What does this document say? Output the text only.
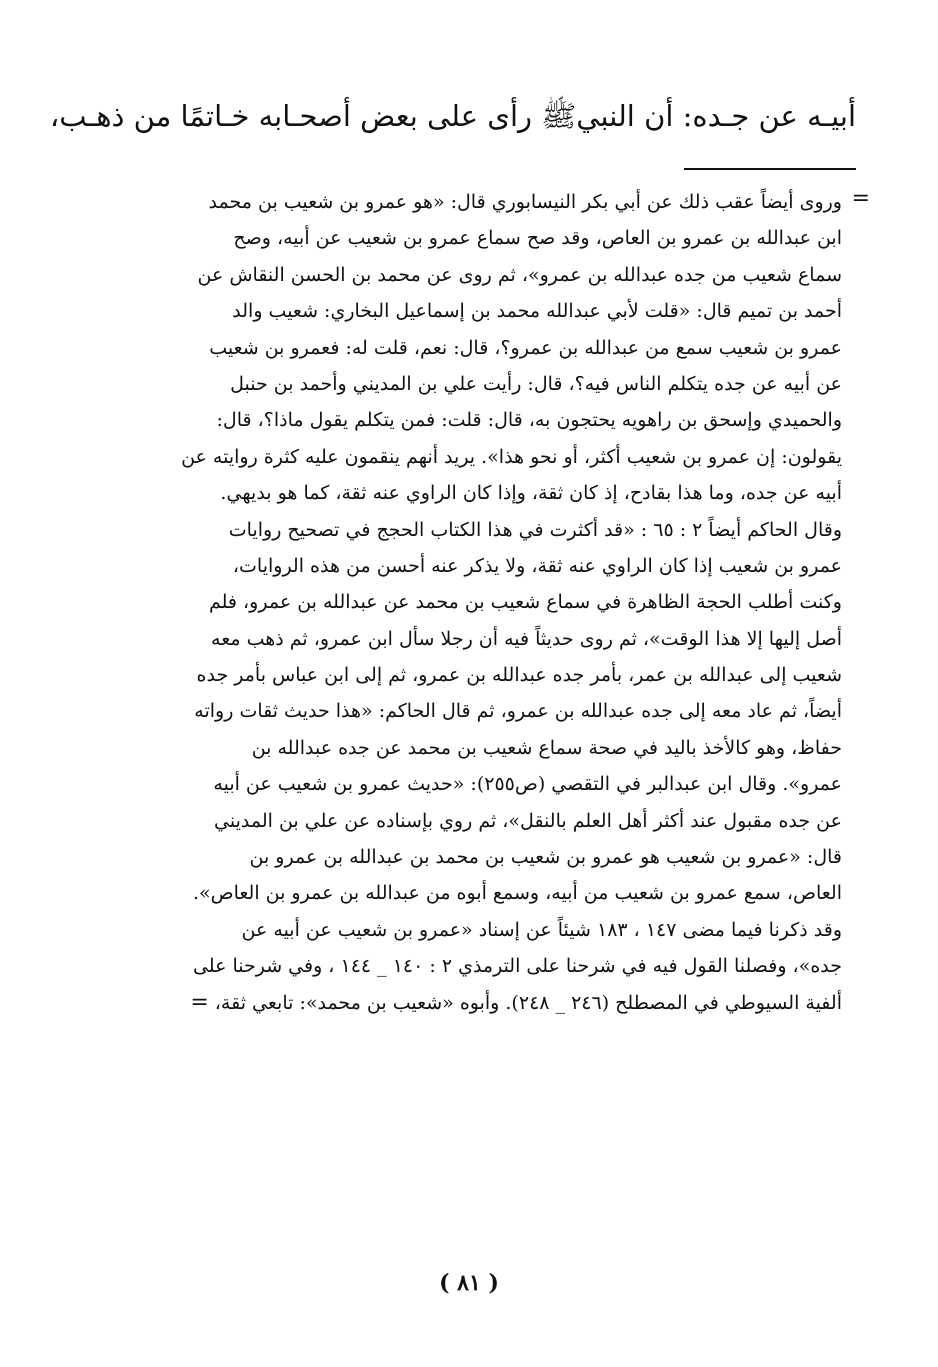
أبيـه عن جـده: أن النبيﷺ رأى على بعض أصحـابه خـاتمًا من ذهـب،
=
وروى أيضاً عقب ذلك عن أبي بكر النيسابوري قال: «هو عمرو بن شعيب بن محمد
ابن عبدالله بن عمرو بن العاص، وقد صح سماع عمرو بن شعيب عن أبيه، وصح
سماع شعيب من جده عبدالله بن عمرو»، ثم روى عن محمد بن الحسن النقاش عن
أحمد بن تميم قال: «قلت لأبي عبدالله محمد بن إسماعيل البخاري: شعيب والد
عمرو بن شعيب سمع من عبدالله بن عمرو؟، قال: نعم، قلت له: فعمرو بن شعيب
عن أبيه عن جده يتكلم الناس فيه؟، قال: رأيت علي بن المديني وأحمد بن حنبل
والحميدي وإسحق بن راهويه يحتجون به، قال: قلت: فمن يتكلم يقول ماذا؟، قال:
يقولون: إن عمرو بن شعيب أكثر، أو نحو هذا». يريد أنهم ينقمون عليه كثرة روايته عن
أبيه عن جده، وما هذا بقادح، إذ كان ثقة، وإذا كان الراوي عنه ثقة، كما هو بديهي.
وقال الحاكم أيضاً ٢ : ٦٥ : «قد أكثرت في هذا الكتاب الحجج في تصحيح روايات
عمرو بن شعيب إذا كان الراوي عنه ثقة، ولا يذكر عنه أحسن من هذه الروايات،
وكنت أطلب الحجة الظاهرة في سماع شعيب بن محمد عن عبدالله بن عمرو، فلم
أصل إليها إلا هذا الوقت»، ثم روى حديثاً فيه أن رجلا سأل ابن عمرو، ثم ذهب معه
شعيب إلى عبدالله بن عمر، بأمر جده عبدالله بن عمرو، ثم إلى ابن عباس بأمر جده
أيضاً، ثم عاد معه إلى جده عبدالله بن عمرو، ثم قال الحاكم: «هذا حديث ثقات رواته
حفاظ، وهو كالأخذ باليد في صحة سماع شعيب بن محمد عن جده عبدالله بن
عمرو». وقال ابن عبدالبر في التقصي (ص٢٥٥): «حديث عمرو بن شعيب عن أبيه
عن جده مقبول عند أكثر أهل العلم بالنقل»، ثم روي بإسناده عن علي بن المديني
قال: «عمرو بن شعيب هو عمرو بن شعيب بن محمد بن عبدالله بن عمرو بن
العاص، سمع عمرو بن شعيب من أبيه، وسمع أبوه من عبدالله بن عمرو بن العاص».
وقد ذكرنا فيما مضى ١٤٧ ، ١٨٣ شيئاً عن إسناد «عمرو بن شعيب عن أبيه عن
جده»، وفصلنا القول فيه في شرحنا على الترمذي ٢ : ١٤٠ _ ١٤٤ ، وفي شرحنا على
ألفية السيوطي في المصطلح (٢٤٦ _ ٢٤٨). وأبوه «شعيب بن محمد»: تابعي ثقة،
=
( ٨١ )
